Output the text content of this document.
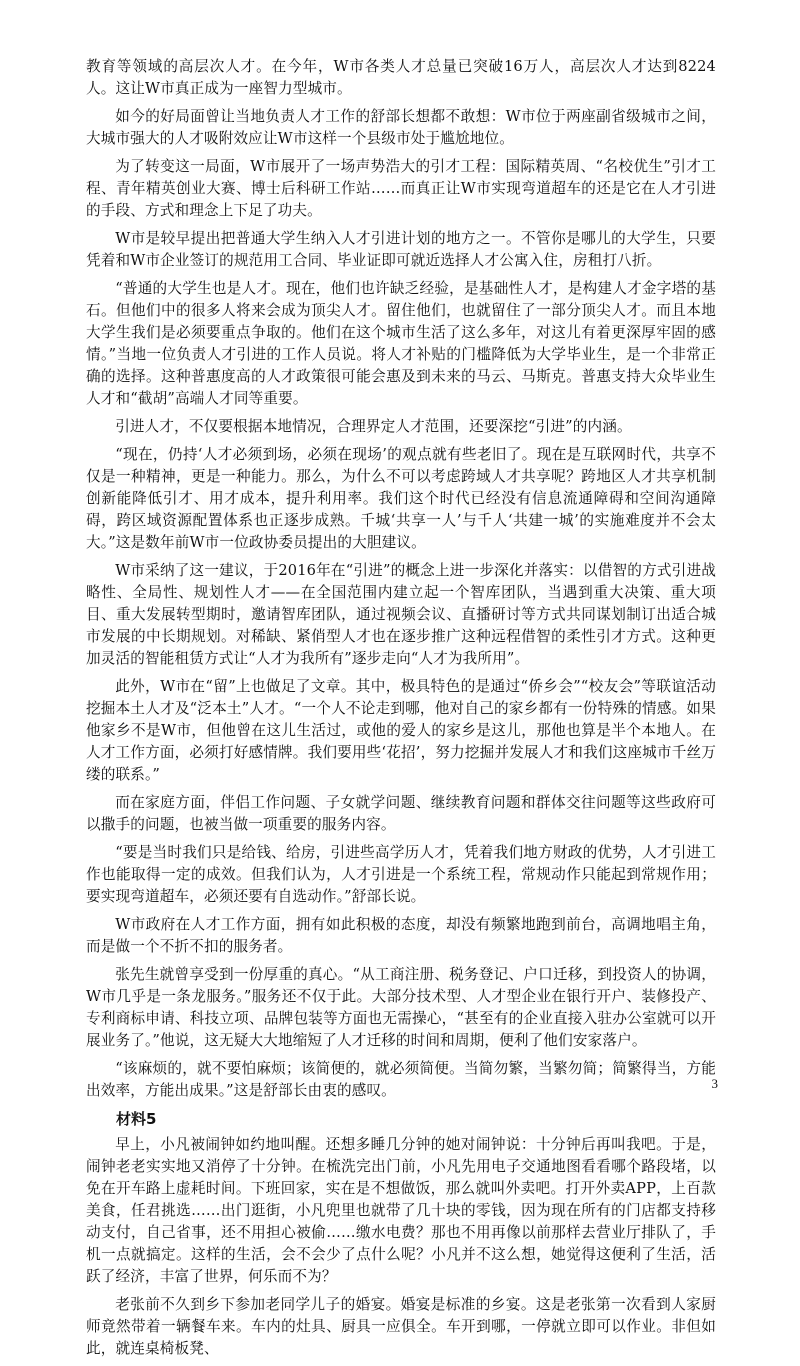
教育等领域的高层次人才。在今年，W市各类人才总量已突破16万人，高层次人才达到8224人。这让W市真正成为一座智力型城市。

如今的好局面曾让当地负责人才工作的舒部长想都不敢想：W市位于两座副省级城市之间，大城市强大的人才吸附效应让W市这样一个县级市处于尴尬地位。

为了转变这一局面，W市展开了一场声势浩大的引才工程：国际精英周、“名校优生”引才工程、青年精英创业大赛、博士后科研工作站……而真正让W市实现弯道超车的还是它在人才引进的手段、方式和理念上下足了功夫。

W市是较早提出把普通大学生纳入人才引进计划的地方之一。不管你是哪儿的大学生，只要凭着和W市企业签订的规范用工合同、毕业证即可就近选择人才公寓入住，房租打八折。

“普通的大学生也是人才。现在，他们也许缺乏经验，是基础性人才，是构建人才金字塔的基石。但他们中的很多人将来会成为顶尖人才。留住他们，也就留住了一部分顶尖人才。而且本地大学生我们是必须要重点争取的。他们在这个城市生活了这么多年，对这儿有着更深厚牢固的感情。”当地一位负责人才引进的工作人员说。将人才补贴的门槛降低为大学毕业生，是一个非常正确的选择。这种普惠度高的人才政策很可能会惠及到未来的马云、马斯克。普惠支持大众毕业生人才和“截胡”高端人才同等重要。

引进人才，不仅要根据本地情况，合理界定人才范围，还要深挖“引进”的内涵。

“现在，仍持‘人才必须到场，必须在现场’的观点就有些老旧了。现在是互联网时代，共享不仅是一种精神，更是一种能力。那么，为什么不可以考虑跨域人才共享呢？跨地区人才共享机制创新能降低引才、用才成本，提升利用率。我们这个时代已经没有信息流通障碍和空间沟通障碍，跨区域资源配置体系也正逐步成熟。千城‘共享一人’与千人‘共建一城’的实施难度并不会太大。”这是数年前W市一位政协委员提出的大胆建议。

W市采纳了这一建议，于2016年在“引进”的概念上进一步深化并落实：以借智的方式引进战略性、全局性、规划性人才——在全国范围内建立起一个智库团队，当遇到重大决策、重大项目、重大发展转型期时，邀请智库团队，通过视频会议、直播研讨等方式共同谋划制订出适合城市发展的中长期规划。对稀缺、紧俏型人才也在逐步推广这种远程借智的柔性引才方式。这种更加灵活的智能租赁方式让“人才为我所有”逐步走向“人才为我所用”。

此外，W市在“留”上也做足了文章。其中，极具特色的是通过“侨乡会”“校友会”等联谊活动挖掘本土人才及“泛本土”人才。“一个人不论走到哪，他对自己的家乡都有一份特殊的情感。如果他家乡不是W市，但他曾在这儿生活过，或他的爱人的家乡是这儿，那他也算是半个本地人。在人才工作方面，必须打好感情牌。我们要用些‘花招’，努力挖掘并发展人才和我们这座城市千丝万缕的联系。”

而在家庭方面，伴侣工作问题、子女就学问题、继续教育问题和群体交往问题等这些政府可以撒手的问题，也被当做一项重要的服务内容。

“要是当时我们只是给钱、给房，引进些高学历人才，凭着我们地方财政的优势，人才引进工作也能取得一定的成效。但我们认为，人才引进是一个系统工程，常规动作只能起到常规作用；要实现弯道超车，必须还要有自选动作。”舒部长说。

W市政府在人才工作方面，拥有如此积极的态度，却没有频繁地跑到前台，高调地唱主角，而是做一个不折不扣的服务者。

张先生就曾享受到一份厚重的真心。“从工商注册、税务登记、户口迁移，到投资人的协调，W市几乎是一条龙服务。”服务还不仅于此。大部分技术型、人才型企业在银行开户、装修投产、专利商标申请、科技立项、品牌包装等方面也无需操心，“甚至有的企业直接入驻办公室就可以开展业务了。”他说，这无疑大大地缩短了人才迁移的时间和周期，便利了他们安家落户。

“该麻烦的，就不要怕麻烦；该简便的，就必须简便。当简勿繁，当繁勿简；简繁得当，方能出效率，方能出成果。”这是舒部长由衷的感叹。

材料5

早上，小凡被闹钟如约地叫醒。还想多睡几分钟的她对闹钟说：十分钟后再叫我吧。于是，闹钟老老实实地又消停了十分钟。在梳洗完出门前，小凡先用电子交通地图看看哪个路段堵，以免在开车路上虚耗时间。下班回家，实在是不想做饭，那么就叫外卖吧。打开外卖APP，上百款美食，任君挑选……出门逛街，小凡兜里也就带了几十块的零钱，因为现在所有的门店都支持移动支付，自己省事，还不用担心被偷……缴水电费？那也不用再像以前那样去营业厅排队了，手机一点就搞定。这样的生活，会不会少了点什么呢？小凡并不这么想，她觉得这便利了生活，活跃了经济，丰富了世界，何乐而不为？

老张前不久到乡下参加老同学儿子的婚宴。婚宴是标准的乡宴。这是老张第一次看到人家厨师竟然带着一辆餐车来。车内的灶具、厨具一应俱全。车开到哪，一停就立即可以作业。非但如此，就连桌椅板凳、

3
